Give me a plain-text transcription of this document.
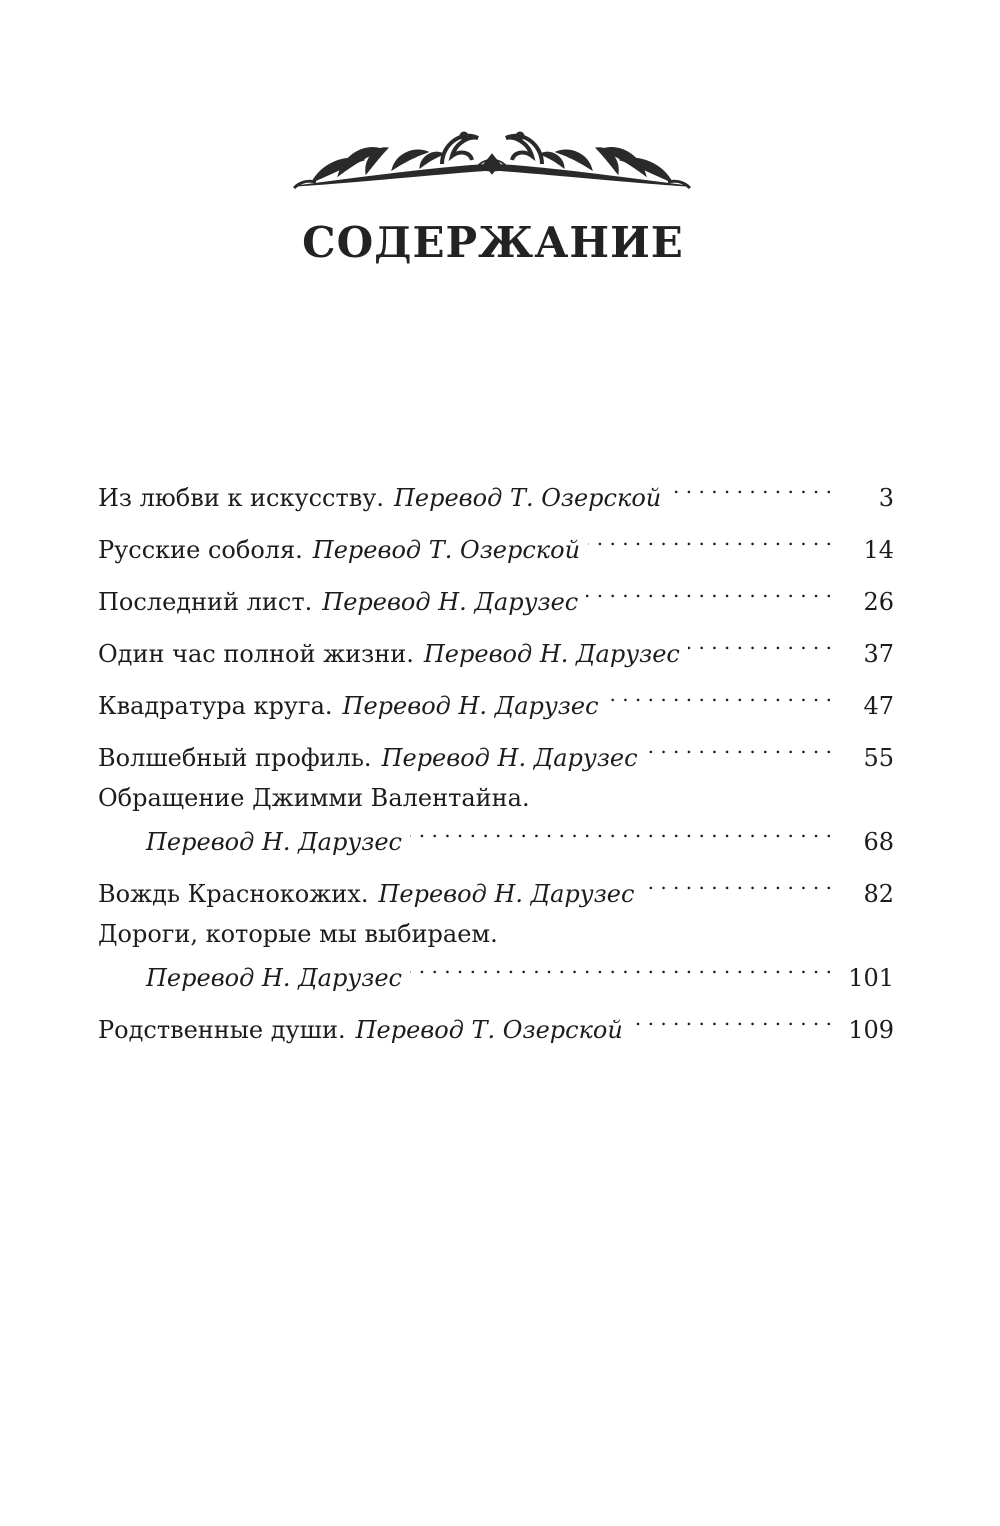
СОДЕРЖАНИЕ
Из любви к искусству. Перевод Т. Озерской . . .	3
Русские соболя. Перевод Т. Озерской . . .	14
Последний лист. Перевод Н. Дарузес . . .	26
Один час полной жизни. Перевод Н. Дарузес . . .	37
Квадратура круга. Перевод Н. Дарузес . . .	47
Волшебный профиль. Перевод Н. Дарузес . . .	55
Обращение Джимми Валентайна.
Перевод Н. Дарузес . . .	68
Вождь Краснокожих. Перевод Н. Дарузес . . .	82
Дороги, которые мы выбираем.
Перевод Н. Дарузес . . .	101
Родственные души. Перевод Т. Озерской . . .	109
